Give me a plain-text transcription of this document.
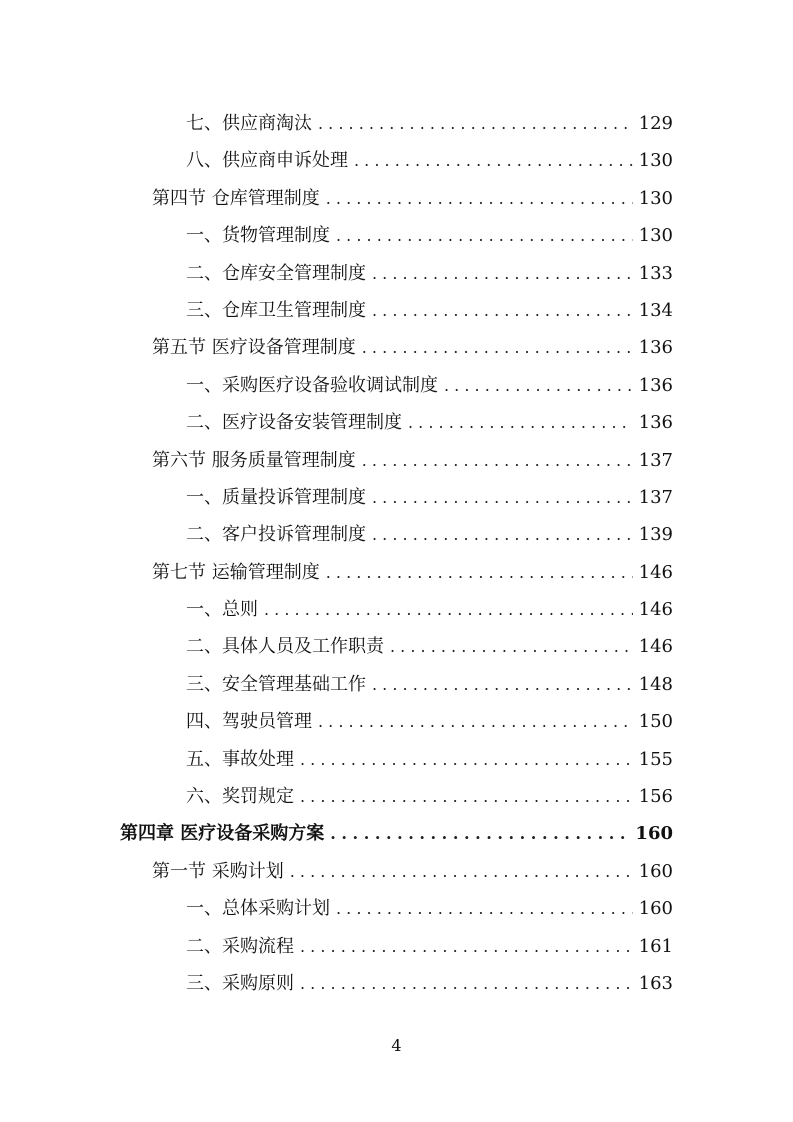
七、供应商淘汰 . . .	129
八、供应商申诉处理 . . .	130
第四节 仓库管理制度 . . .	130
一、货物管理制度 . . .	130
二、仓库安全管理制度 . . .	133
三、仓库卫生管理制度 . . .	134
第五节 医疗设备管理制度 . . .	136
一、采购医疗设备验收调试制度 . . .	136
二、医疗设备安装管理制度 . . .	136
第六节 服务质量管理制度 . . .	137
一、质量投诉管理制度 . . .	137
二、客户投诉管理制度 . . .	139
第七节 运输管理制度 . . .	146
一、总则 . . .	146
二、具体人员及工作职责 . . .	146
三、安全管理基础工作 . . .	148
四、驾驶员管理 . . .	150
五、事故处理 . . .	155
六、奖罚规定 . . .	156
第四章 医疗设备采购方案 . . .	160
第一节 采购计划 . . .	160
一、总体采购计划 . . .	160
二、采购流程 . . .	161
三、采购原则 . . .	163
4
